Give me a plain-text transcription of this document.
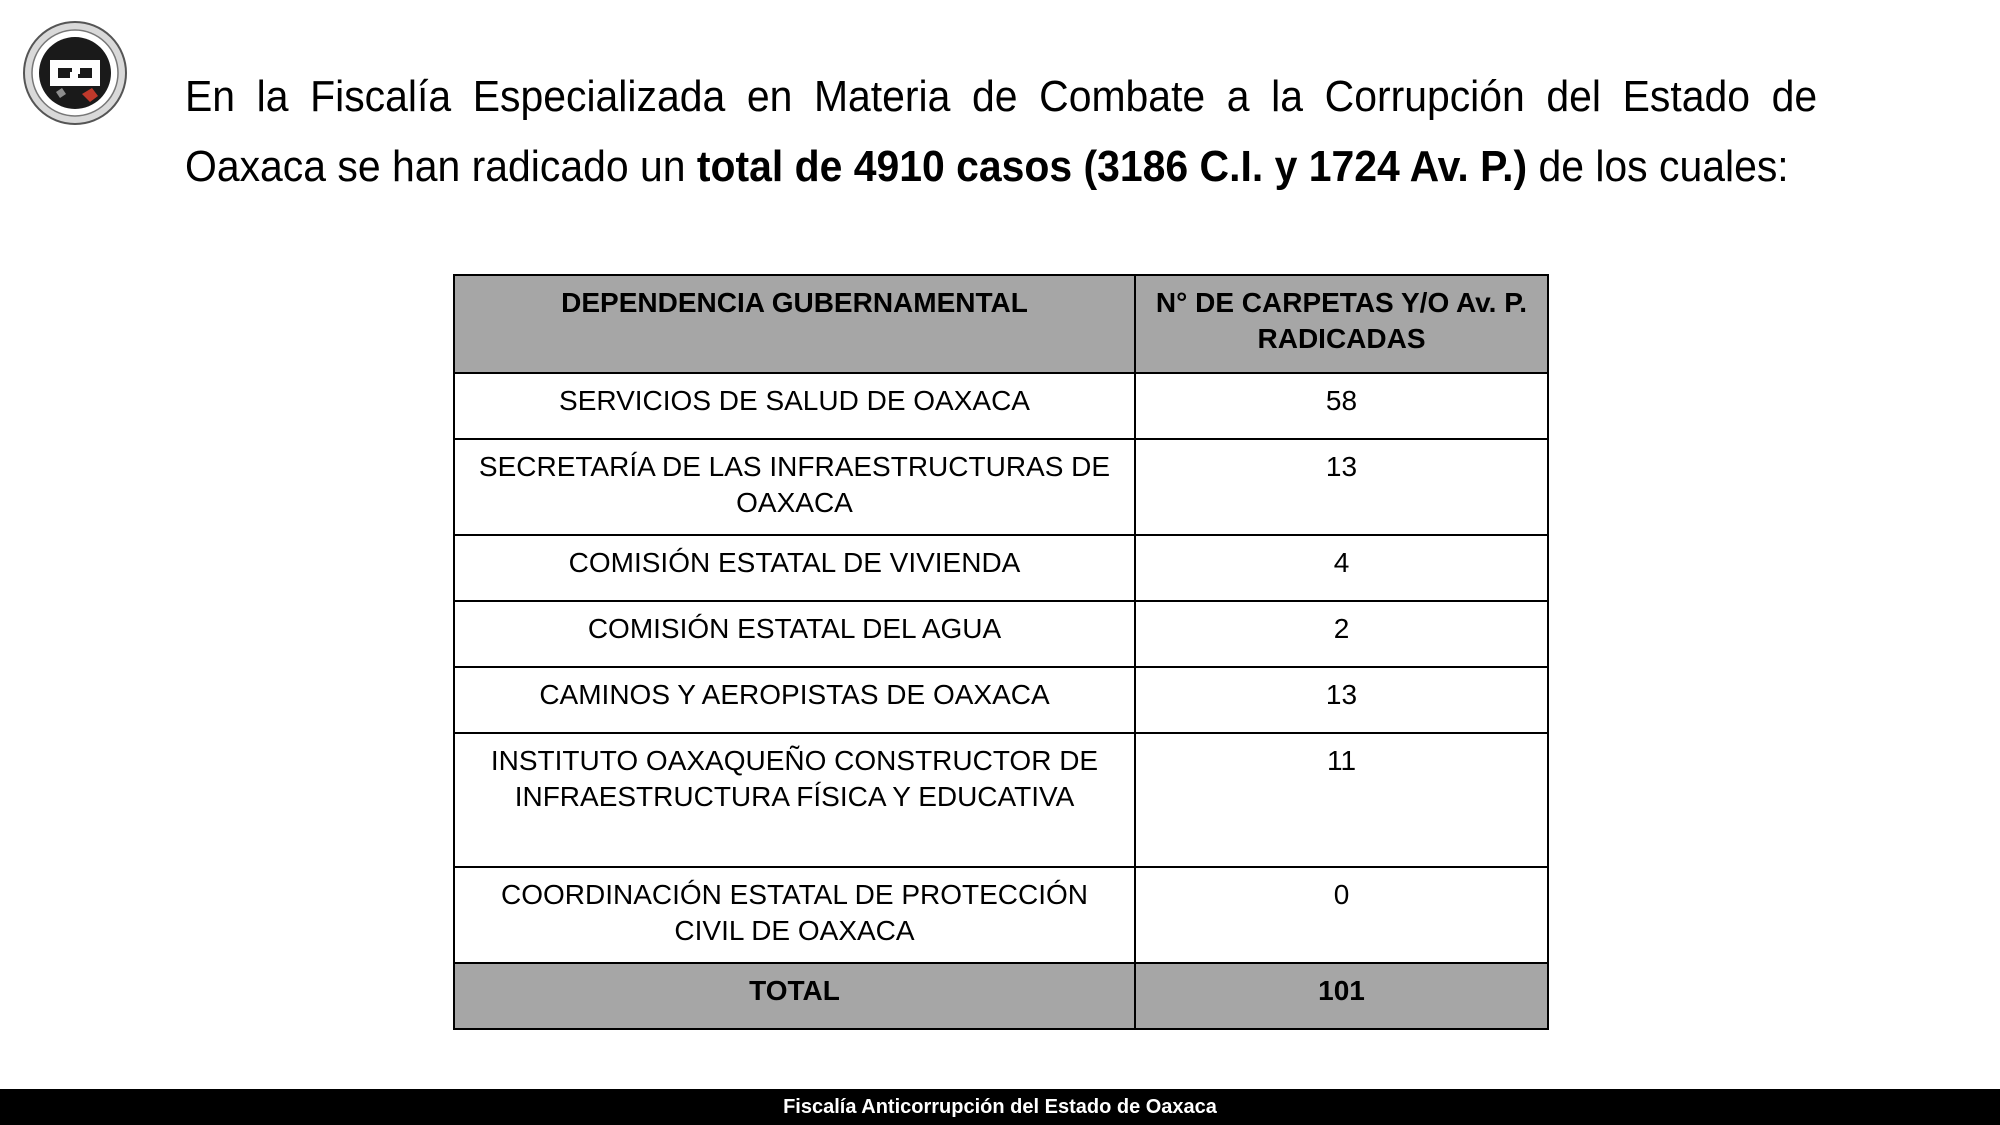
En la Fiscalía Especializada en Materia de Combate a la Corrupción del Estado de Oaxaca se han radicado un total de 4910 casos (3186 C.I. y 1724 Av. P.) de los cuales:
DEPENDENCIA GUBERNAMENTAL	N° DE CARPETAS Y/O Av. P. RADICADAS
SERVICIOS DE SALUD DE OAXACA	58
SECRETARÍA DE LAS INFRAESTRUCTURAS DE OAXACA	13
COMISIÓN ESTATAL DE VIVIENDA	4
COMISIÓN ESTATAL DEL AGUA	2
CAMINOS Y AEROPISTAS DE OAXACA	13
INSTITUTO OAXAQUEÑO CONSTRUCTOR DE INFRAESTRUCTURA FÍSICA Y EDUCATIVA	11
COORDINACIÓN ESTATAL DE PROTECCIÓN CIVIL DE OAXACA	0
TOTAL	101
Fiscalía Anticorrupción del Estado de Oaxaca
